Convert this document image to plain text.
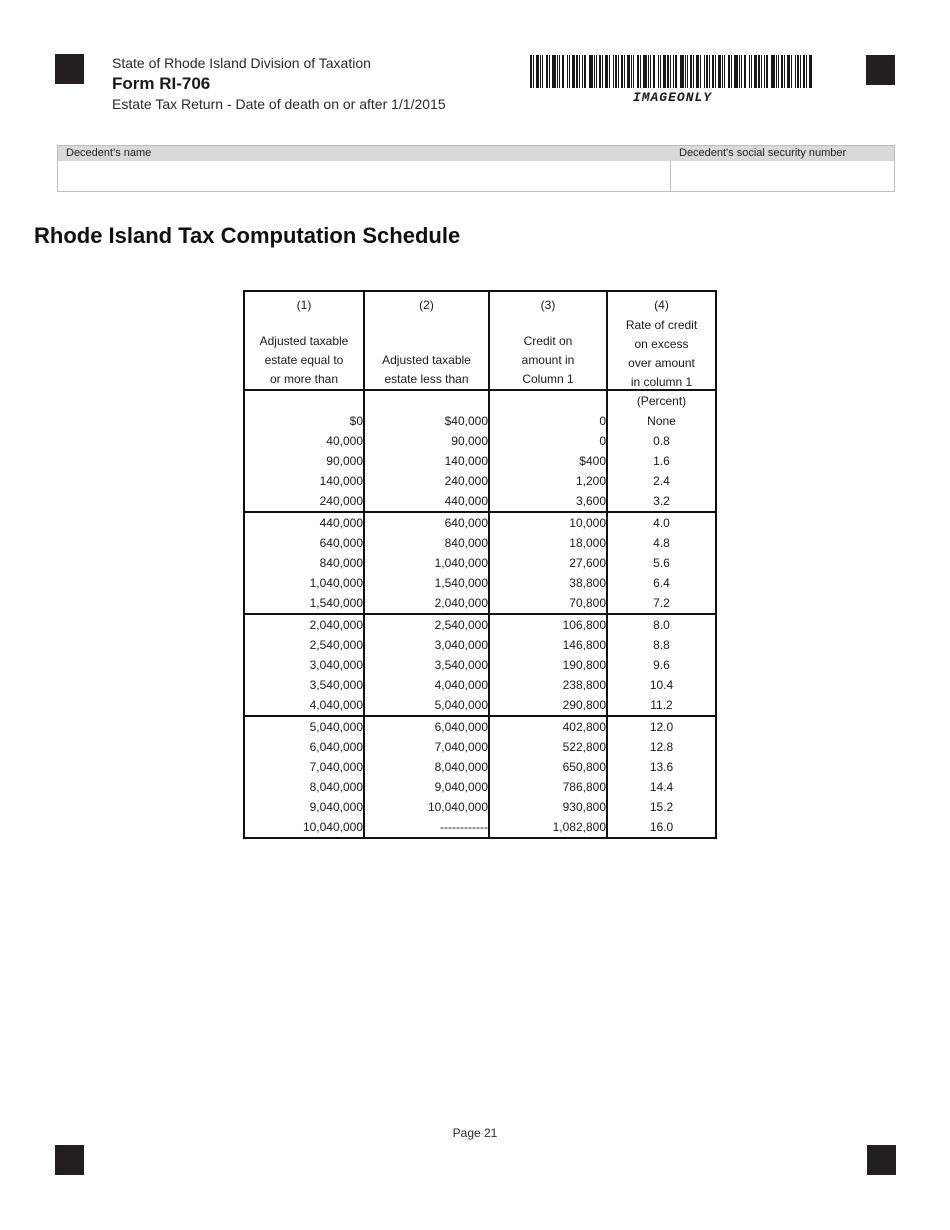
State of Rhode Island Division of Taxation
Form RI-706
Estate Tax Return - Date of death on or after 1/1/2015	IMAGEONLY
Decedent's name	Decedent's social security number
Rhode Island Tax Computation Schedule
(1)
Adjusted taxable
estate equal to
or more than

(2)
Adjusted taxable
estate less than

(3)
Credit on
amount in
Column 1

(4)
Rate of credit
on excess
over amount
in column 1

			(Percent)
$0	$40,000	0	None
40,000	90,000	0	0.8
90,000	140,000	$400	1.6
140,000	240,000	1,200	2.4
240,000	440,000	3,600	3.2
440,000	640,000	10,000	4.0
640,000	840,000	18,000	4.8
840,000	1,040,000	27,600	5.6
1,040,000	1,540,000	38,800	6.4
1,540,000	2,040,000	70,800	7.2
2,040,000	2,540,000	106,800	8.0
2,540,000	3,040,000	146,800	8.8
3,040,000	3,540,000	190,800	9.6
3,540,000	4,040,000	238,800	10.4
4,040,000	5,040,000	290,800	11.2
5,040,000	6,040,000	402,800	12.0
6,040,000	7,040,000	522,800	12.8
7,040,000	8,040,000	650,800	13.6
8,040,000	9,040,000	786,800	14.4
9,040,000	10,040,000	930,800	15.2
10,040,000	------------	1,082,800	16.0
Page 21
